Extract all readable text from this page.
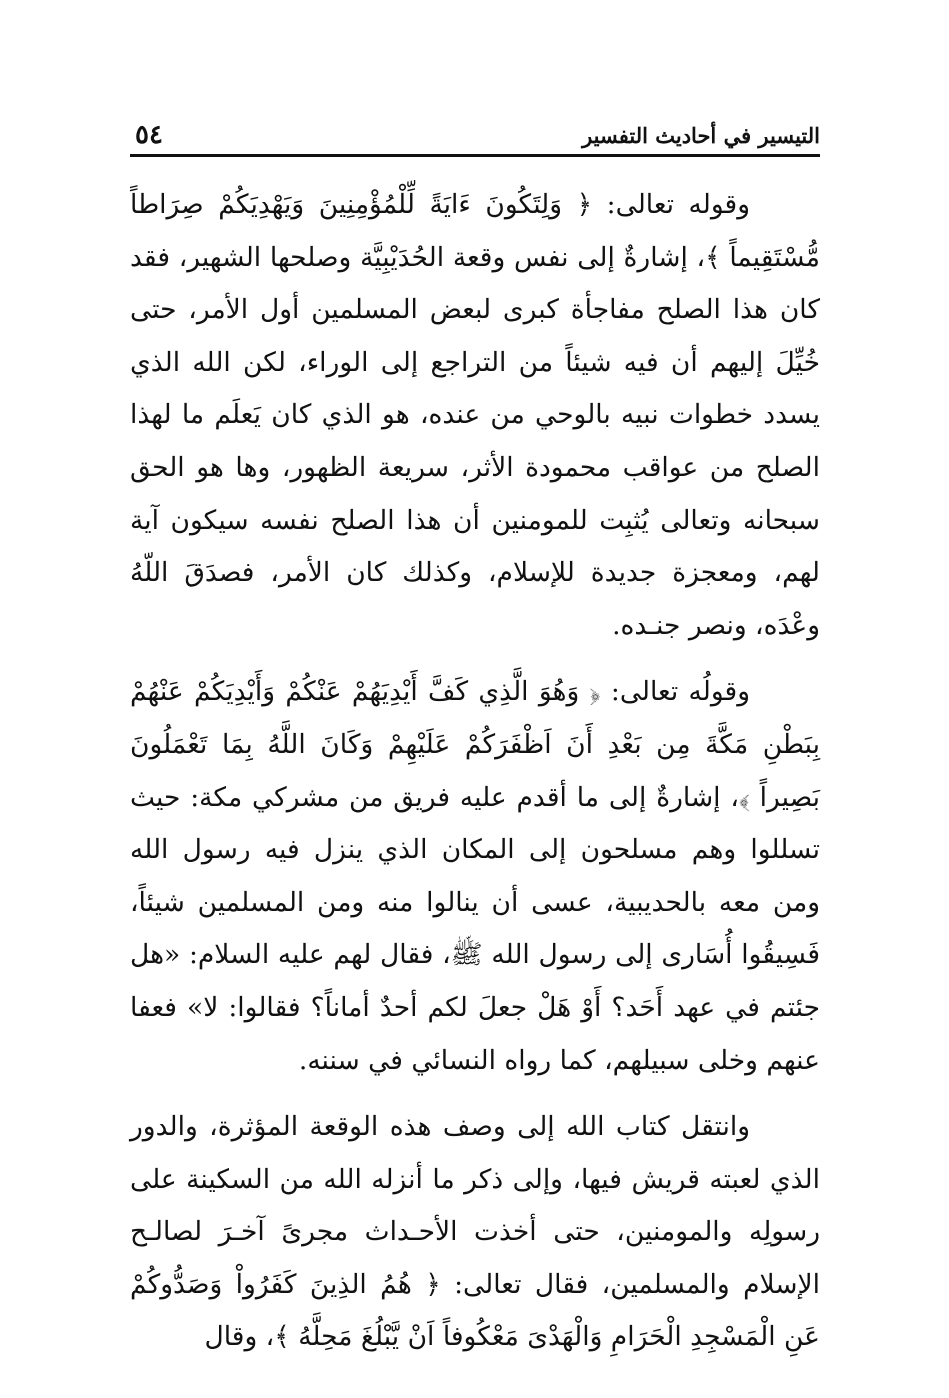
التيسير في أحاديث التفسير
٥٤

وقوله تعالى: ﴿ وَلِتَكُونَ ءَايَةً لِّلْمُؤْمِنِينَ وَيَهْدِيَكُمْ صِرَاطاً مُّسْتَقِيماً ﴾، إشارةٌ إلى نفس وقعة الحُدَيْبِيَّة وصلحها الشهير، فقد كان هذا الصلح مفاجأة كبرى لبعض المسلمين أول الأمر، حتى خُيِّلَ إليهم أن فيه شيئاً من التراجع إلى الوراء، لكن الله الذي يسدد خطوات نبيه بالوحي من عنده، هو الذي كان يَعلَم ما لهذا الصلح من عواقب محمودة الأثر، سريعة الظهور، وها هو الحق سبحانه وتعالى يُثبِت للمومنين أن هذا الصلح نفسه سيكون آية لهم، ومعجزة جديدة للإسلام، وكذلك كان الأمر، فصدَقَ اللّهُ وعْدَه، ونصر جنـده.

وقولُه تعالى: ﴿ وَهُوَ الَّذِي كَفَّ أَيْدِيَهُمْ عَنْكُمْ وَأَيْدِيَكُمْ عَنْهُمْ بِبَطْنِ مَكَّةَ مِن بَعْدِ أَنَ اَظْفَرَكُمْ عَلَيْهِمْ وَكَانَ اللَّهُ بِمَا تَعْمَلُونَ بَصِيراً ﴾، إشارةٌ إلى ما أقدم عليه فريق من مشركي مكة: حيث تسللوا وهم مسلحون إلى المكان الذي ينزل فيه رسول الله ومن معه بالحديبية، عسى أن ينالوا منه ومن المسلمين شيئاً، فَسِيقُوا أُسَارى إلى رسول الله ﷺ، فقال لهم عليه السلام: «هل جئتم في عهد أَحَد؟ أَوْ هَلْ جعلَ لكم أحدٌ أماناً؟ فقالوا: لا» فعفا عنهم وخلى سبيلهم، كما رواه النسائي في سننه.

وانتقل كتاب الله إلى وصف هذه الوقعة المؤثرة، والدور الذي لعبته قريش فيها، وإلى ذكر ما أنزله الله من السكينة على رسولِه والمومنين، حتى أخذت الأحـداث مجرىً آخـرَ لصالـح الإسلام والمسلمين، فقال تعالى: ﴿ هُمُ الذِينَ كَفَرُواْ وَصَدُّوكُمْ عَنِ الْمَسْجِدِ الْحَرَامِ وَالْهَدْىَ مَعْكُوفاً اَنْ يَّبْلُغَ مَحِلَّهُ ﴾، وقال
